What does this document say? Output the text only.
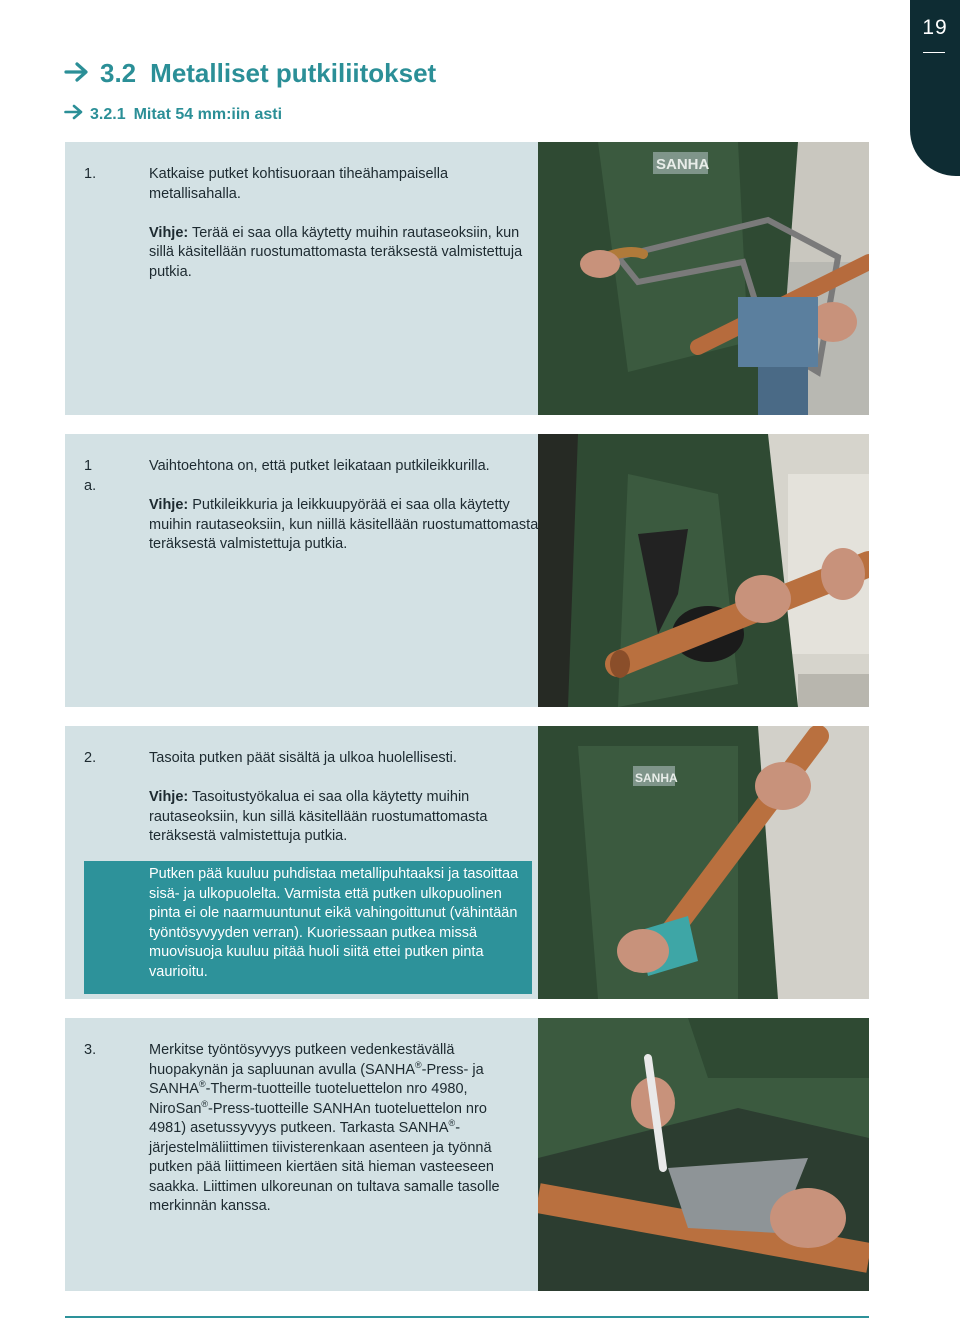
19
3.2 Metalliset putkiliitokset
3.2.1 Mitat 54 mm:iin asti
1.	Katkaise putket kohtisuoraan tiheähampaisella metallisahalla.

Vihje: Terää ei saa olla käytetty muihin rautaseoksiin, kun sillä käsitellään ruostumattomasta teräksestä valmistettuja putkia.

SANHA
1 a.

Vaihtoehtona on, että putket leikataan putkileikkurilla.

Vihje: Putkileikkuria ja leikkuupyörää ei saa olla käytetty muihin rautaseoksiin, kun niillä käsitellään ruostumattomasta teräksestä valmistettuja putkia.

2.	Tasoita putken päät sisältä ja ulkoa huolellisesti.

Vihje: Tasoitustyökalua ei saa olla käytetty muihin rautaseoksiin, kun sillä käsitellään ruostumattomasta teräksestä valmistettuja putkia.

Putken pää kuuluu puhdistaa metallipuhtaaksi ja tasoittaa sisä- ja ulkopuolelta. Varmista että putken ulkopuolinen pinta ei ole naarmuuntunut eikä vahingoittunut (vähintään työntösyvyyden verran). Kuoriessaan putkea missä muovisuoja kuuluu pitää huoli siitä ettei putken pinta vaurioitu.
SANHA
3.	Merkitse työntösyvyys putkeen vedenkestävällä huopakynän ja sapluunan avulla (SANHA®-Press- ja SANHA®-Therm-tuotteille tuoteluettelon nro 4980, NiroSan®-Press-tuotteille SANHAn tuoteluettelon nro 4981) asetussyvyys putkeen. Tarkasta SANHA®-järjestelmäliittimen tiivisterenkaan asenteen ja työnnä putken pää liittimeen kiertäen sitä hieman vasteeseen saakka. Liittimen ulkoreunan on tultava samalle tasolle merkinnän kanssa.
